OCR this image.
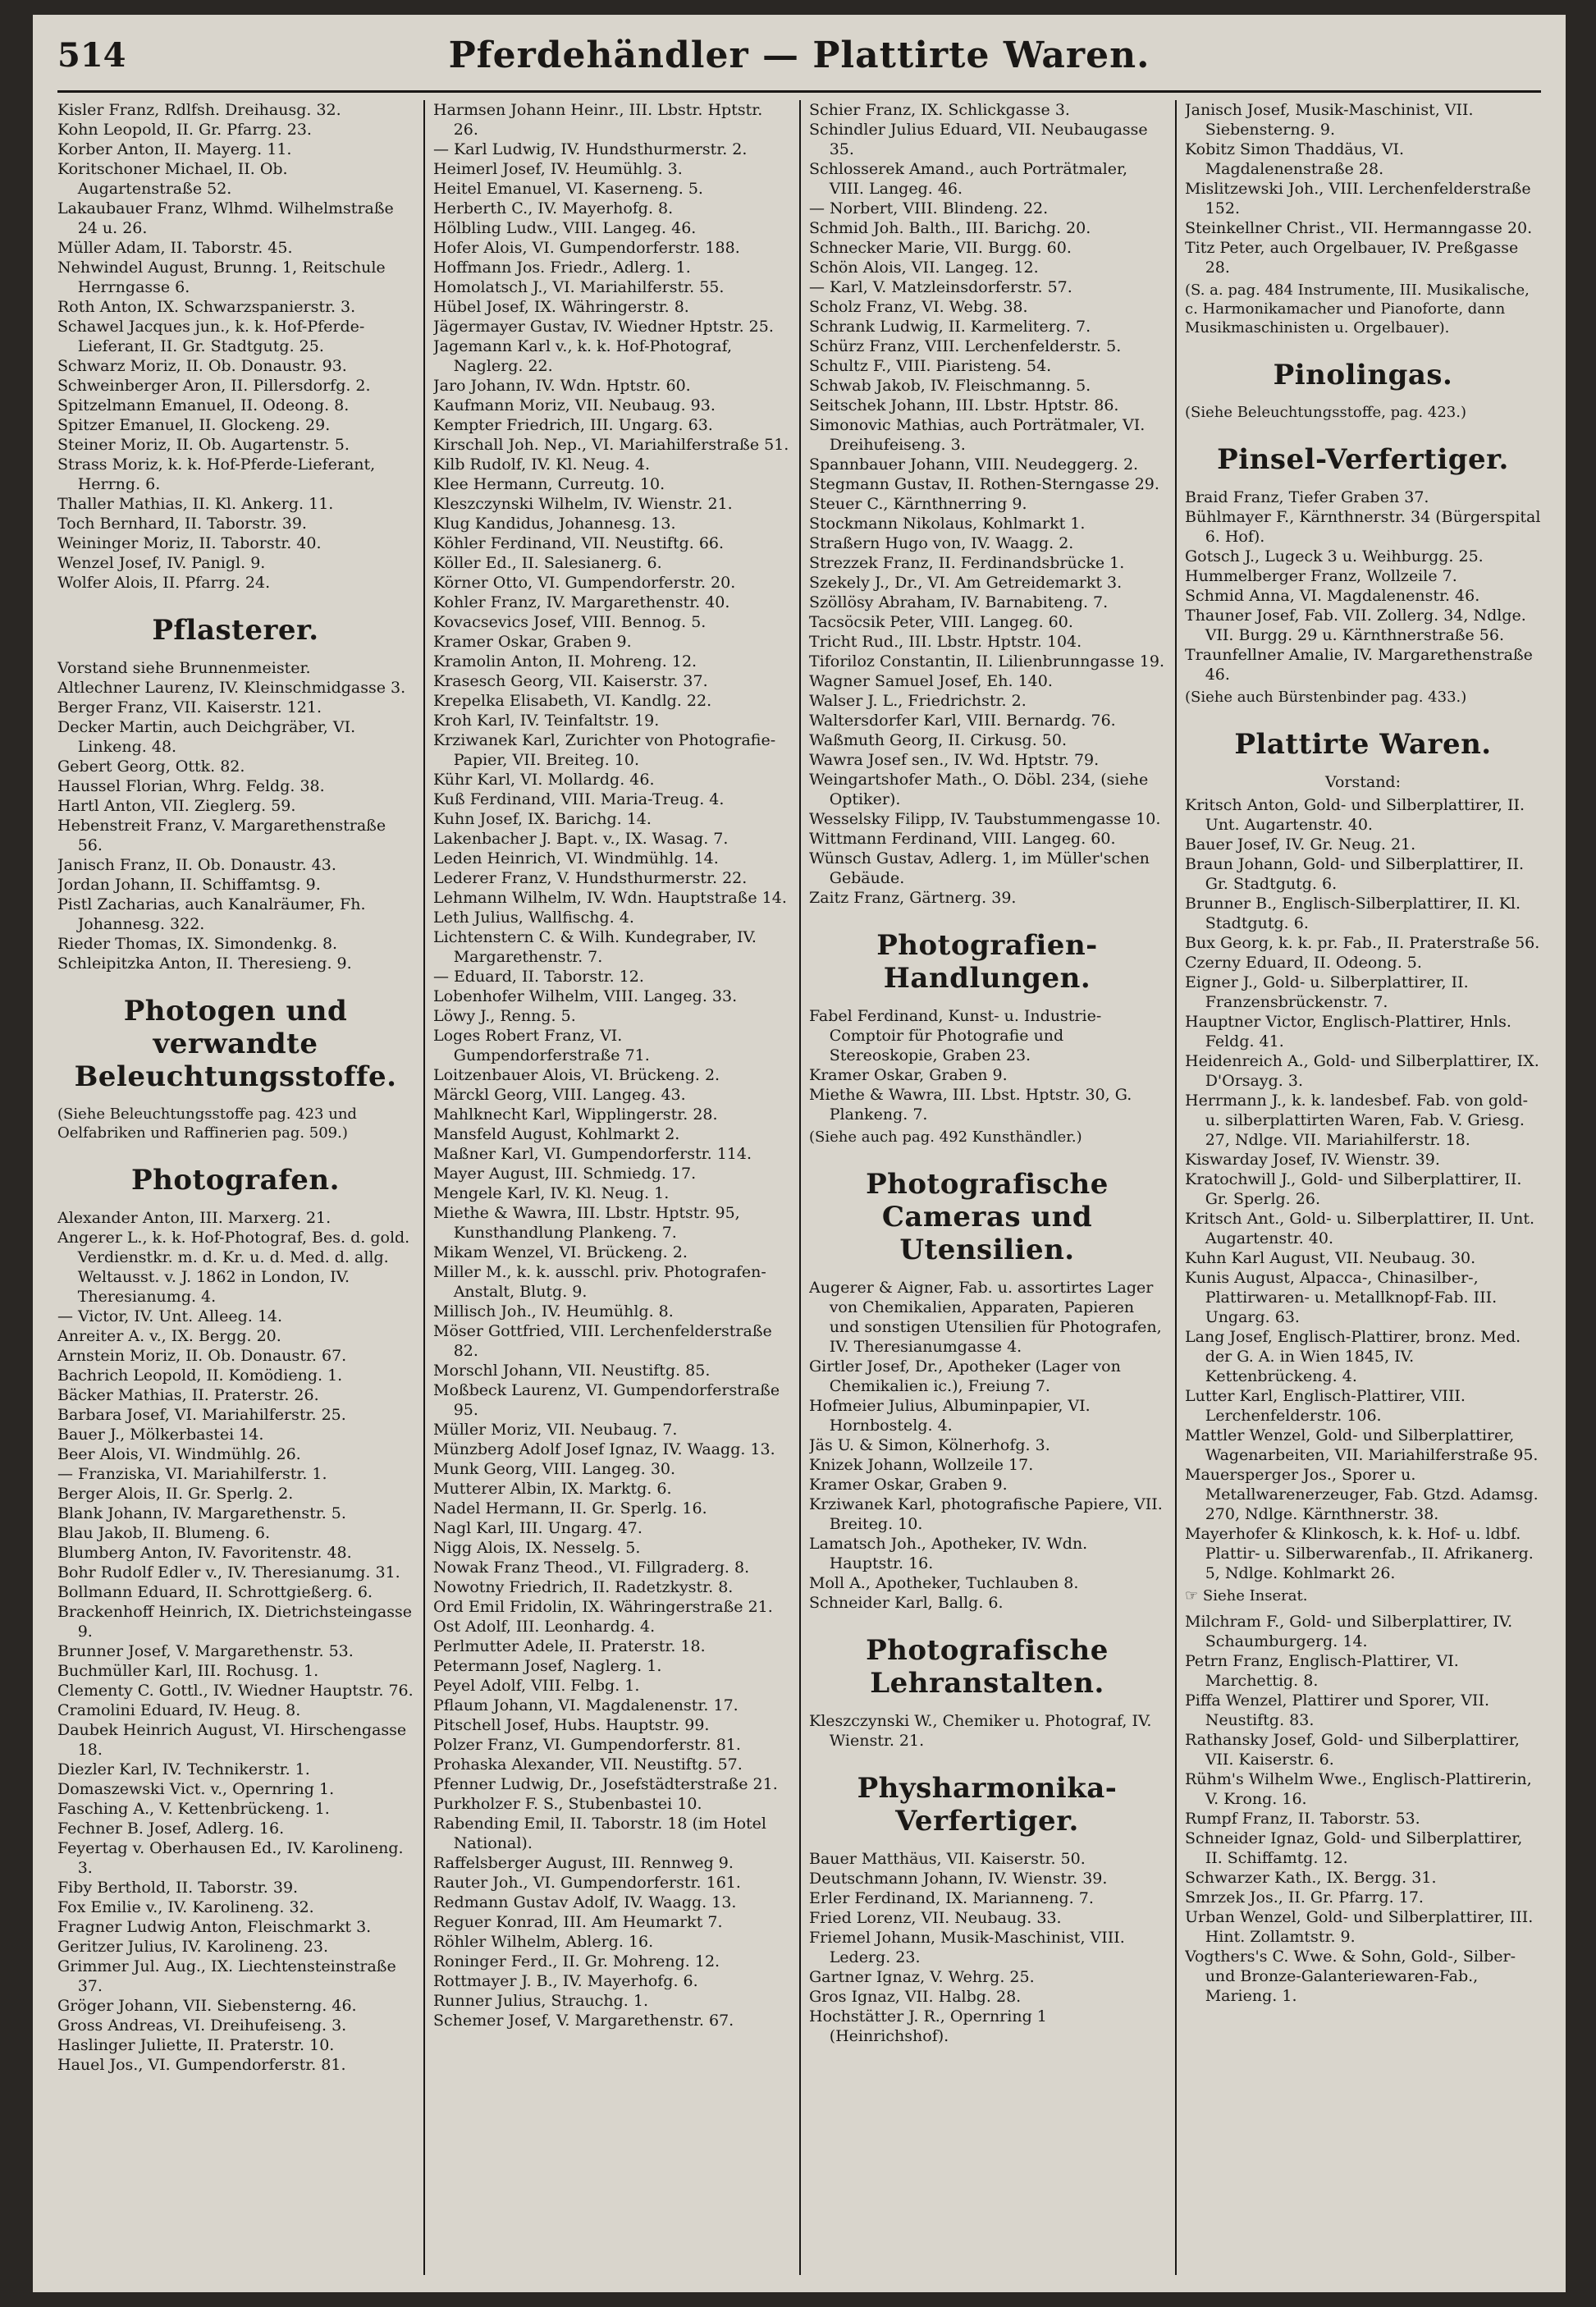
514	Pferdehändler — Plattirte Waren.
Kisler Franz, Rdlfsh. Dreihausg. 32.
Kohn Leopold, II. Gr. Pfarrg. 23.
Korber Anton, II. Mayerg. 11.
Koritschoner Michael, II. Ob. Augartenstraße 52.
Lakaubauer Franz, Wlhmd. Wilhelmstraße 24 u. 26.
Müller Adam, II. Taborstr. 45.
Nehwindel August, Brunng. 1, Reitschule Herrngasse 6.
Roth Anton, IX. Schwarzspanierstr. 3.
Schawel Jacques jun., k. k. Hof-Pferde-Lieferant, II. Gr. Stadtgutg. 25.
Schwarz Moriz, II. Ob. Donaustr. 93.
Schweinberger Aron, II. Pillersdorfg. 2.
Spitzelmann Emanuel, II. Odeong. 8.
Spitzer Emanuel, II. Glockeng. 29.
Steiner Moriz, II. Ob. Augartenstr. 5.
Strass Moriz, k. k. Hof-Pferde-Lieferant, Herrng. 6.
Thaller Mathias, II. Kl. Ankerg. 11.
Toch Bernhard, II. Taborstr. 39.
Weininger Moriz, II. Taborstr. 40.
Wenzel Josef, IV. Panigl. 9.
Wolfer Alois, II. Pfarrg. 24.
Pflasterer.
Vorstand siehe Brunnenmeister.
Altlechner Laurenz, IV. Kleinschmidgasse 3.
Berger Franz, VII. Kaiserstr. 121.
Decker Martin, auch Deichgräber, VI. Linkeng. 48.
Gebert Georg, Ottk. 82.
Haussel Florian, Whrg. Feldg. 38.
Hartl Anton, VII. Zieglerg. 59.
Hebenstreit Franz, V. Margarethenstraße 56.
Janisch Franz, II. Ob. Donaustr. 43.
Jordan Johann, II. Schiffamtsg. 9.
Pistl Zacharias, auch Kanalräumer, Fh. Johannesg. 322.
Rieder Thomas, IX. Simondenkg. 8.
Schleipitzka Anton, II. Theresieng. 9.
Photogen und verwandte Beleuchtungsstoffe.
(Siehe Beleuchtungsstoffe pag. 423 und Oelfabriken und Raffinerien pag. 509.)
Photografen.
Alexander Anton, III. Marxerg. 21.
Angerer L., k. k. Hof-Photograf, Bes. d. gold. Verdienstkr. m. d. Kr. u. d. Med. d. allg. Weltausst. v. J. 1862 in London, IV. Theresianumg. 4.
— Victor, IV. Unt. Alleeg. 14.
Anreiter A. v., IX. Bergg. 20.
Arnstein Moriz, II. Ob. Donaustr. 67.
Bachrich Leopold, II. Komödieng. 1.
Bäcker Mathias, II. Praterstr. 26.
Barbara Josef, VI. Mariahilferstr. 25.
Bauer J., Mölkerbastei 14.
Beer Alois, VI. Windmühlg. 26.
— Franziska, VI. Mariahilferstr. 1.
Berger Alois, II. Gr. Sperlg. 2.
Blank Johann, IV. Margarethenstr. 5.
Blau Jakob, II. Blumeng. 6.
Blumberg Anton, IV. Favoritenstr. 48.
Bohr Rudolf Edler v., IV. Theresianumg. 31.
Bollmann Eduard, II. Schrottgießerg. 6.
Brackenhoff Heinrich, IX. Dietrichsteingasse 9.
Brunner Josef, V. Margarethenstr. 53.
Buchmüller Karl, III. Rochusg. 1.
Clementy C. Gottl., IV. Wiedner Hauptstr. 76.
Cramolini Eduard, IV. Heug. 8.
Daubek Heinrich August, VI. Hirschengasse 18.
Diezler Karl, IV. Technikerstr. 1.
Domaszewski Vict. v., Opernring 1.
Fasching A., V. Kettenbrückeng. 1.
Fechner B. Josef, Adlerg. 16.
Feyertag v. Oberhausen Ed., IV. Karolineng. 3.
Fiby Berthold, II. Taborstr. 39.
Fox Emilie v., IV. Karolineng. 32.
Fragner Ludwig Anton, Fleischmarkt 3.
Geritzer Julius, IV. Karolineng. 23.
Grimmer Jul. Aug., IX. Liechtensteinstraße 37.
Gröger Johann, VII. Siebensterng. 46.
Gross Andreas, VI. Dreihufeiseng. 3.
Haslinger Juliette, II. Praterstr. 10.
Hauel Jos., VI. Gumpendorferstr. 81.
Harmsen Johann Heinr., III. Lbstr. Hptstr. 26.
— Karl Ludwig, IV. Hundsthurmerstr. 2.
Heimerl Josef, IV. Heumühlg. 3.
Heitel Emanuel, VI. Kaserneng. 5.
Herberth C., IV. Mayerhofg. 8.
Hölbling Ludw., VIII. Langeg. 46.
Hofer Alois, VI. Gumpendorferstr. 188.
Hoffmann Jos. Friedr., Adlerg. 1.
Homolatsch J., VI. Mariahilferstr. 55.
Hübel Josef, IX. Währingerstr. 8.
Jägermayer Gustav, IV. Wiedner Hptstr. 25.
Jagemann Karl v., k. k. Hof-Photograf, Naglerg. 22.
Jaro Johann, IV. Wdn. Hptstr. 60.
Kaufmann Moriz, VII. Neubaug. 93.
Kempter Friedrich, III. Ungarg. 63.
Kirschall Joh. Nep., VI. Mariahilferstraße 51.
Kilb Rudolf, IV. Kl. Neug. 4.
Klee Hermann, Curreutg. 10.
Kleszczynski Wilhelm, IV. Wienstr. 21.
Klug Kandidus, Johannesg. 13.
Köhler Ferdinand, VII. Neustiftg. 66.
Köller Ed., II. Salesianerg. 6.
Körner Otto, VI. Gumpendorferstr. 20.
Kohler Franz, IV. Margarethenstr. 40.
Kovacsevics Josef, VIII. Bennog. 5.
Kramer Oskar, Graben 9.
Kramolin Anton, II. Mohreng. 12.
Krasesch Georg, VII. Kaiserstr. 37.
Krepelka Elisabeth, VI. Kandlg. 22.
Kroh Karl, IV. Teinfaltstr. 19.
Krziwanek Karl, Zurichter von Photografie-Papier, VII. Breiteg. 10.
Kühr Karl, VI. Mollardg. 46.
Kuß Ferdinand, VIII. Maria-Treug. 4.
Kuhn Josef, IX. Barichg. 14.
Lakenbacher J. Bapt. v., IX. Wasag. 7.
Leden Heinrich, VI. Windmühlg. 14.
Lederer Franz, V. Hundsthurmerstr. 22.
Lehmann Wilhelm, IV. Wdn. Hauptstraße 14.
Leth Julius, Wallfischg. 4.
Lichtenstern C. & Wilh. Kundegraber, IV. Margarethenstr. 7.
— Eduard, II. Taborstr. 12.
Lobenhofer Wilhelm, VIII. Langeg. 33.
Löwy J., Renng. 5.
Loges Robert Franz, VI. Gumpendorferstraße 71.
Loitzenbauer Alois, VI. Brückeng. 2.
Märckl Georg, VIII. Langeg. 43.
Mahlknecht Karl, Wipplingerstr. 28.
Mansfeld August, Kohlmarkt 2.
Maßner Karl, VI. Gumpendorferstr. 114.
Mayer August, III. Schmiedg. 17.
Mengele Karl, IV. Kl. Neug. 1.
Miethe & Wawra, III. Lbstr. Hptstr. 95, Kunsthandlung Plankeng. 7.
Mikam Wenzel, VI. Brückeng. 2.
Miller M., k. k. ausschl. priv. Photografen-Anstalt, Blutg. 9.
Millisch Joh., IV. Heumühlg. 8.
Möser Gottfried, VIII. Lerchenfelderstraße 82.
Morschl Johann, VII. Neustiftg. 85.
Moßbeck Laurenz, VI. Gumpendorferstraße 95.
Müller Moriz, VII. Neubaug. 7.
Münzberg Adolf Josef Ignaz, IV. Waagg. 13.
Munk Georg, VIII. Langeg. 30.
Mutterer Albin, IX. Marktg. 6.
Nadel Hermann, II. Gr. Sperlg. 16.
Nagl Karl, III. Ungarg. 47.
Nigg Alois, IX. Nesselg. 5.
Nowak Franz Theod., VI. Fillgraderg. 8.
Nowotny Friedrich, II. Radetzkystr. 8.
Ord Emil Fridolin, IX. Währingerstraße 21.
Ost Adolf, III. Leonhardg. 4.
Perlmutter Adele, II. Praterstr. 18.
Petermann Josef, Naglerg. 1.
Peyel Adolf, VIII. Felbg. 1.
Pflaum Johann, VI. Magdalenenstr. 17.
Pitschell Josef, Hubs. Hauptstr. 99.
Polzer Franz, VI. Gumpendorferstr. 81.
Prohaska Alexander, VII. Neustiftg. 57.
Pfenner Ludwig, Dr., Josefstädterstraße 21.
Purkholzer F. S., Stubenbastei 10.
Rabending Emil, II. Taborstr. 18 (im Hotel National).
Raffelsberger August, III. Rennweg 9.
Rauter Joh., VI. Gumpendorferstr. 161.
Redmann Gustav Adolf, IV. Waagg. 13.
Reguer Konrad, III. Am Heumarkt 7.
Röhler Wilhelm, Ablerg. 16.
Roninger Ferd., II. Gr. Mohreng. 12.
Rottmayer J. B., IV. Mayerhofg. 6.
Runner Julius, Strauchg. 1.
Schemer Josef, V. Margarethenstr. 67.
Schier Franz, IX. Schlickgasse 3.
Schindler Julius Eduard, VII. Neubaugasse 35.
Schlosserek Amand., auch Porträtmaler, VIII. Langeg. 46.
— Norbert, VIII. Blindeng. 22.
Schmid Joh. Balth., III. Barichg. 20.
Schnecker Marie, VII. Burgg. 60.
Schön Alois, VII. Langeg. 12.
— Karl, V. Matzleinsdorferstr. 57.
Scholz Franz, VI. Webg. 38.
Schrank Ludwig, II. Karmeliterg. 7.
Schürz Franz, VIII. Lerchenfelderstr. 5.
Schultz F., VIII. Piaristeng. 54.
Schwab Jakob, IV. Fleischmanng. 5.
Seitschek Johann, III. Lbstr. Hptstr. 86.
Simonovic Mathias, auch Porträtmaler, VI. Dreihufeiseng. 3.
Spannbauer Johann, VIII. Neudeggerg. 2.
Stegmann Gustav, II. Rothen-Sterngasse 29.
Steuer C., Kärnthnerring 9.
Stockmann Nikolaus, Kohlmarkt 1.
Straßern Hugo von, IV. Waagg. 2.
Strezzek Franz, II. Ferdinandsbrücke 1.
Szekely J., Dr., VI. Am Getreidemarkt 3.
Szöllösy Abraham, IV. Barnabiteng. 7.
Tacsöcsik Peter, VIII. Langeg. 60.
Tricht Rud., III. Lbstr. Hptstr. 104.
Tiforiloz Constantin, II. Lilienbrunngasse 19.
Wagner Samuel Josef, Eh. 140.
Walser J. L., Friedrichstr. 2.
Waltersdorfer Karl, VIII. Bernardg. 76.
Waßmuth Georg, II. Cirkusg. 50.
Wawra Josef sen., IV. Wd. Hptstr. 79.
Weingartshofer Math., O. Döbl. 234, (siehe Optiker).
Wesselsky Filipp, IV. Taubstummengasse 10.
Wittmann Ferdinand, VIII. Langeg. 60.
Wünsch Gustav, Adlerg. 1, im Müller'schen Gebäude.
Zaitz Franz, Gärtnerg. 39.
Photografien-Handlungen.
Fabel Ferdinand, Kunst- u. Industrie-Comptoir für Photografie und Stereoskopie, Graben 23.
Kramer Oskar, Graben 9.
Miethe & Wawra, III. Lbst. Hptstr. 30, G. Plankeng. 7.
(Siehe auch pag. 492 Kunsthändler.)
Photografische Cameras und Utensilien.
Augerer & Aigner, Fab. u. assortirtes Lager von Chemikalien, Apparaten, Papieren und sonstigen Utensilien für Photografen, IV. Theresianumgasse 4.
Girtler Josef, Dr., Apotheker (Lager von Chemikalien ic.), Freiung 7.
Hofmeier Julius, Albuminpapier, VI. Hornbostelg. 4.
Jäs U. & Simon, Kölnerhofg. 3.
Knizek Johann, Wollzeile 17.
Kramer Oskar, Graben 9.
Krziwanek Karl, photografische Papiere, VII. Breiteg. 10.
Lamatsch Joh., Apotheker, IV. Wdn. Hauptstr. 16.
Moll A., Apotheker, Tuchlauben 8.
Schneider Karl, Ballg. 6.
Photografische Lehranstalten.
Kleszczynski W., Chemiker u. Photograf, IV. Wienstr. 21.
Physharmonika-Verfertiger.
Bauer Matthäus, VII. Kaiserstr. 50.
Deutschmann Johann, IV. Wienstr. 39.
Erler Ferdinand, IX. Marianneng. 7.
Fried Lorenz, VII. Neubaug. 33.
Friemel Johann, Musik-Maschinist, VIII. Lederg. 23.
Gartner Ignaz, V. Wehrg. 25.
Gros Ignaz, VII. Halbg. 28.
Hochstätter J. R., Opernring 1 (Heinrichshof).
Janisch Josef, Musik-Maschinist, VII. Siebensterng. 9.
Kobitz Simon Thaddäus, VI. Magdalenenstraße 28.
Mislitzewski Joh., VIII. Lerchenfelderstraße 152.
Steinkellner Christ., VII. Hermanngasse 20.
Titz Peter, auch Orgelbauer, IV. Preßgasse 28.
(S. a. pag. 484 Instrumente, III. Musikalische, c. Harmonikamacher und Pianoforte, dann Musikmaschinisten u. Orgelbauer).
Pinolingas.
(Siehe Beleuchtungsstoffe, pag. 423.)
Pinsel-Verfertiger.
Braid Franz, Tiefer Graben 37.
Bühlmayer F., Kärnthnerstr. 34 (Bürgerspital 6. Hof).
Gotsch J., Lugeck 3 u. Weihburgg. 25.
Hummelberger Franz, Wollzeile 7.
Schmid Anna, VI. Magdalenenstr. 46.
Thauner Josef, Fab. VII. Zollerg. 34, Ndlge. VII. Burgg. 29 u. Kärnthnerstraße 56.
Traunfellner Amalie, IV. Margarethenstraße 46.
(Siehe auch Bürstenbinder pag. 433.)
Plattirte Waren.
Vorstand:
Kritsch Anton, Gold- und Silberplattirer, II. Unt. Augartenstr. 40.
Bauer Josef, IV. Gr. Neug. 21.
Braun Johann, Gold- und Silberplattirer, II. Gr. Stadtgutg. 6.
Brunner B., Englisch-Silberplattirer, II. Kl. Stadtgutg. 6.
Bux Georg, k. k. pr. Fab., II. Praterstraße 56.
Czerny Eduard, II. Odeong. 5.
Eigner J., Gold- u. Silberplattirer, II. Franzensbrückenstr. 7.
Hauptner Victor, Englisch-Plattirer, Hnls. Feldg. 41.
Heidenreich A., Gold- und Silberplattirer, IX. D'Orsayg. 3.
Herrmann J., k. k. landesbef. Fab. von gold- u. silberplattirten Waren, Fab. V. Griesg. 27, Ndlge. VII. Mariahilferstr. 18.
Kiswarday Josef, IV. Wienstr. 39.
Kratochwill J., Gold- und Silberplattirer, II. Gr. Sperlg. 26.
Kritsch Ant., Gold- u. Silberplattirer, II. Unt. Augartenstr. 40.
Kuhn Karl August, VII. Neubaug. 30.
Kunis August, Alpacca-, Chinasilber-, Plattirwaren- u. Metallknopf-Fab. III. Ungarg. 63.
Lang Josef, Englisch-Plattirer, bronz. Med. der G. A. in Wien 1845, IV. Kettenbrückeng. 4.
Lutter Karl, Englisch-Plattirer, VIII. Lerchenfelderstr. 106.
Mattler Wenzel, Gold- und Silberplattirer, Wagenarbeiten, VII. Mariahilferstraße 95.
Mauersperger Jos., Sporer u. Metallwarenerzeuger, Fab. Gtzd. Adamsg. 270, Ndlge. Kärnthnerstr. 38.
Mayerhofer & Klinkosch, k. k. Hof- u. ldbf. Plattir- u. Silberwarenfab., II. Afrikanerg. 5, Ndlge. Kohlmarkt 26.
☞ Siehe Inserat.
Milchram F., Gold- und Silberplattirer, IV. Schaumburgerg. 14.
Petrn Franz, Englisch-Plattirer, VI. Marchettig. 8.
Piffa Wenzel, Plattirer und Sporer, VII. Neustiftg. 83.
Rathansky Josef, Gold- und Silberplattirer, VII. Kaiserstr. 6.
Rühm's Wilhelm Wwe., Englisch-Plattirerin, V. Krong. 16.
Rumpf Franz, II. Taborstr. 53.
Schneider Ignaz, Gold- und Silberplattirer, II. Schiffamtg. 12.
Schwarzer Kath., IX. Bergg. 31.
Smrzek Jos., II. Gr. Pfarrg. 17.
Urban Wenzel, Gold- und Silberplattirer, III. Hint. Zollamtstr. 9.
Vogthers's C. Wwe. & Sohn, Gold-, Silber- und Bronze-Galanteriewaren-Fab., Marieng. 1.
